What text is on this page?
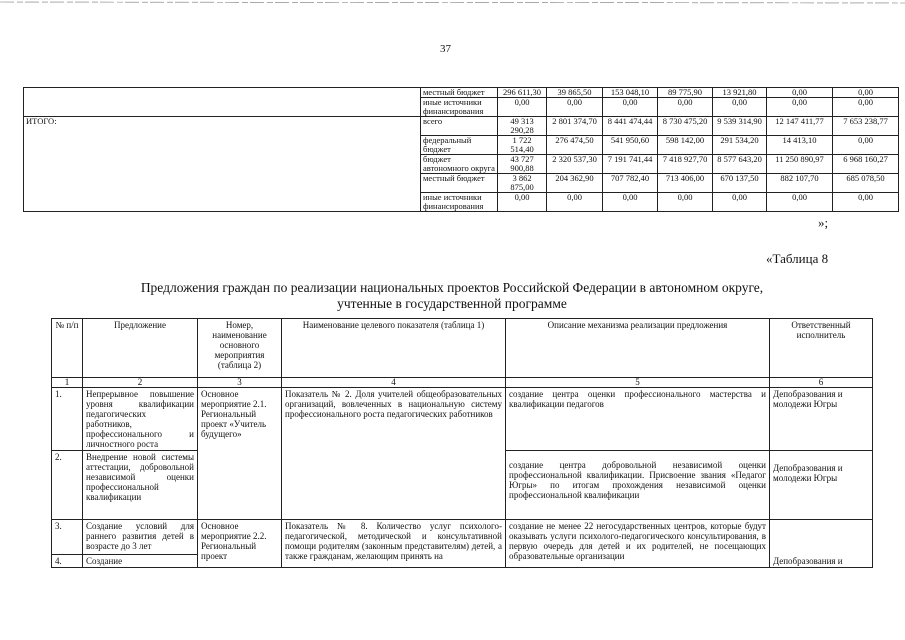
37
	местный бюджет	296 611,30	39 865,50	153 048,10	89 775,90	13 921,80	0,00	0,00
	иные источники финансирования	0,00	0,00	0,00	0,00	0,00	0,00	0,00
ИТОГО:	всего	49 313 290,28	2 801 374,70	8 441 474,44	8 730 475,20	9 539 314,90	12 147 411,77	7 653 238,77
	федеральный бюджет	1 722 514,40	276 474,50	541 950,60	598 142,00	291 534,20	14 413,10	0,00
	бюджет автономного округа	43 727 900,88	2 320 537,30	7 191 741,44	7 418 927,70	8 577 643,20	11 250 890,97	6 968 160,27
	местный бюджет	3 862 875,00	204 362,90	707 782,40	713 406,00	670 137,50	882 107,70	685 078,50
	иные источники финансирования	0,00	0,00	0,00	0,00	0,00	0,00	0,00
»;
«Таблица 8
Предложения граждан по реализации национальных проектов Российской Федерации в автономном округе, учтенные в государственной программе
№ п/п	Предложение	Номер, наименование основного мероприятия (таблица 2)	Наименование целевого показателя (таблица 1)	Описание механизма реализации предложения	Ответственный исполнитель
1	2	3	4	5	6
1.	Непрерывное повышение уровня квалификации педагогических работников, профессионального и личностного роста	Основное мероприятие 2.1. Региональный проект «Учитель будущего»	Показатель № 2. Доля учителей общеобразовательных организаций, вовлеченных в национальную систему профессионального роста педагогических работников	создание центра оценки профессионального мастерства и квалификации педагогов	Депобразования и молодежи Югры
2.	Внедрение новой системы аттестации, добровольной независимой оценки профессиональной квалификации			создание центра добровольной независимой оценки профессиональной квалификации. Присвоение звания «Педагог Югры» по итогам прохождения независимой оценки профессиональной квалификации	Депобразования и молодежи Югры
3.	Создание условий для раннего развития детей в возрасте до 3 лет	Основное мероприятие 2.2. Региональный проект	Показатель № 8. Количество услуг психолого-педагогической, методической и консультативной помощи родителям (законным представителям) детей, а также гражданам, желающим принять на	создание не менее 22 негосударственных центров, которые будут оказывать услуги психолого-педагогического консультирования, в первую очередь для детей и их родителей, не посещающих образовательные организации	Депобразования и
4.	Создание				
